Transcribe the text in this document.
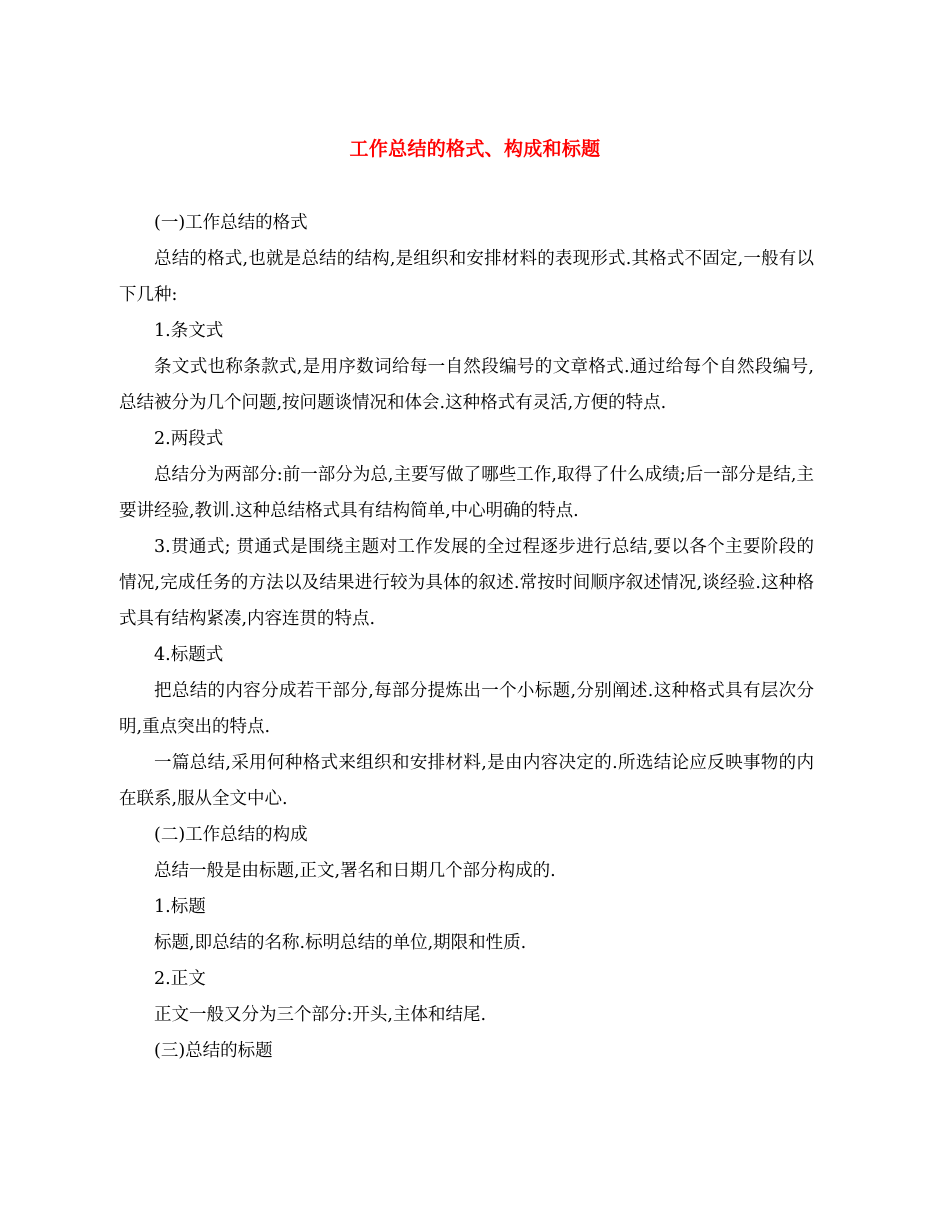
工作总结的格式、构成和标题

(一)工作总结的格式

总结的格式,也就是总结的结构,是组织和安排材料的表现形式.其格式不固定,一般有以下几种:

1.条文式

条文式也称条款式,是用序数词给每一自然段编号的文章格式.通过给每个自然段编号,总结被分为几个问题,按问题谈情况和体会.这种格式有灵活,方便的特点.

2.两段式

总结分为两部分:前一部分为总,主要写做了哪些工作,取得了什么成绩;后一部分是结,主要讲经验,教训.这种总结格式具有结构简单,中心明确的特点.

3.贯通式; 贯通式是围绕主题对工作发展的全过程逐步进行总结,要以各个主要阶段的情况,完成任务的方法以及结果进行较为具体的叙述.常按时间顺序叙述情况,谈经验.这种格式具有结构紧凑,内容连贯的特点.

4.标题式

把总结的内容分成若干部分,每部分提炼出一个小标题,分别阐述.这种格式具有层次分明,重点突出的特点.

一篇总结,采用何种格式来组织和安排材料,是由内容决定的.所选结论应反映事物的内在联系,服从全文中心.

(二)工作总结的构成

总结一般是由标题,正文,署名和日期几个部分构成的.

1.标题

标题,即总结的名称.标明总结的单位,期限和性质.

2.正文

正文一般又分为三个部分:开头,主体和结尾.

(三)总结的标题
